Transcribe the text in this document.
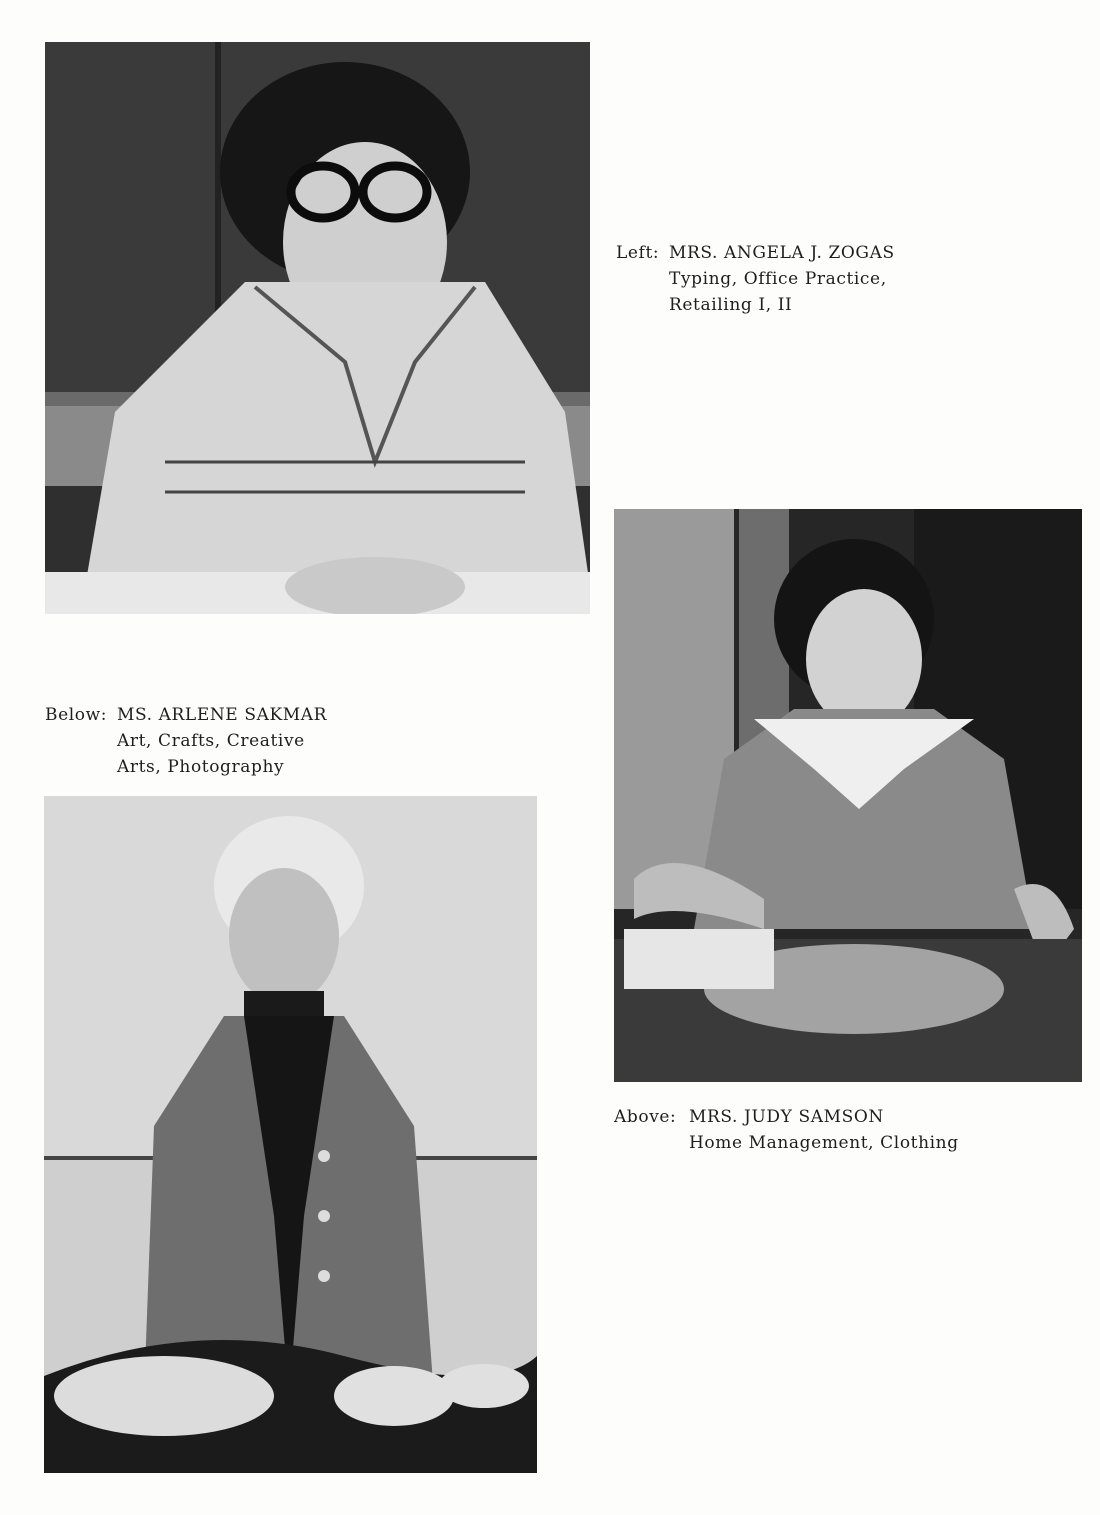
Left: MRS. ANGELA J. ZOGAS
Typing, Office Practice,
Retailing I, II
Above: MRS. JUDY SAMSON
Home Management, Clothing
Below: MS. ARLENE SAKMAR
Art, Crafts, Creative
Arts, Photography
